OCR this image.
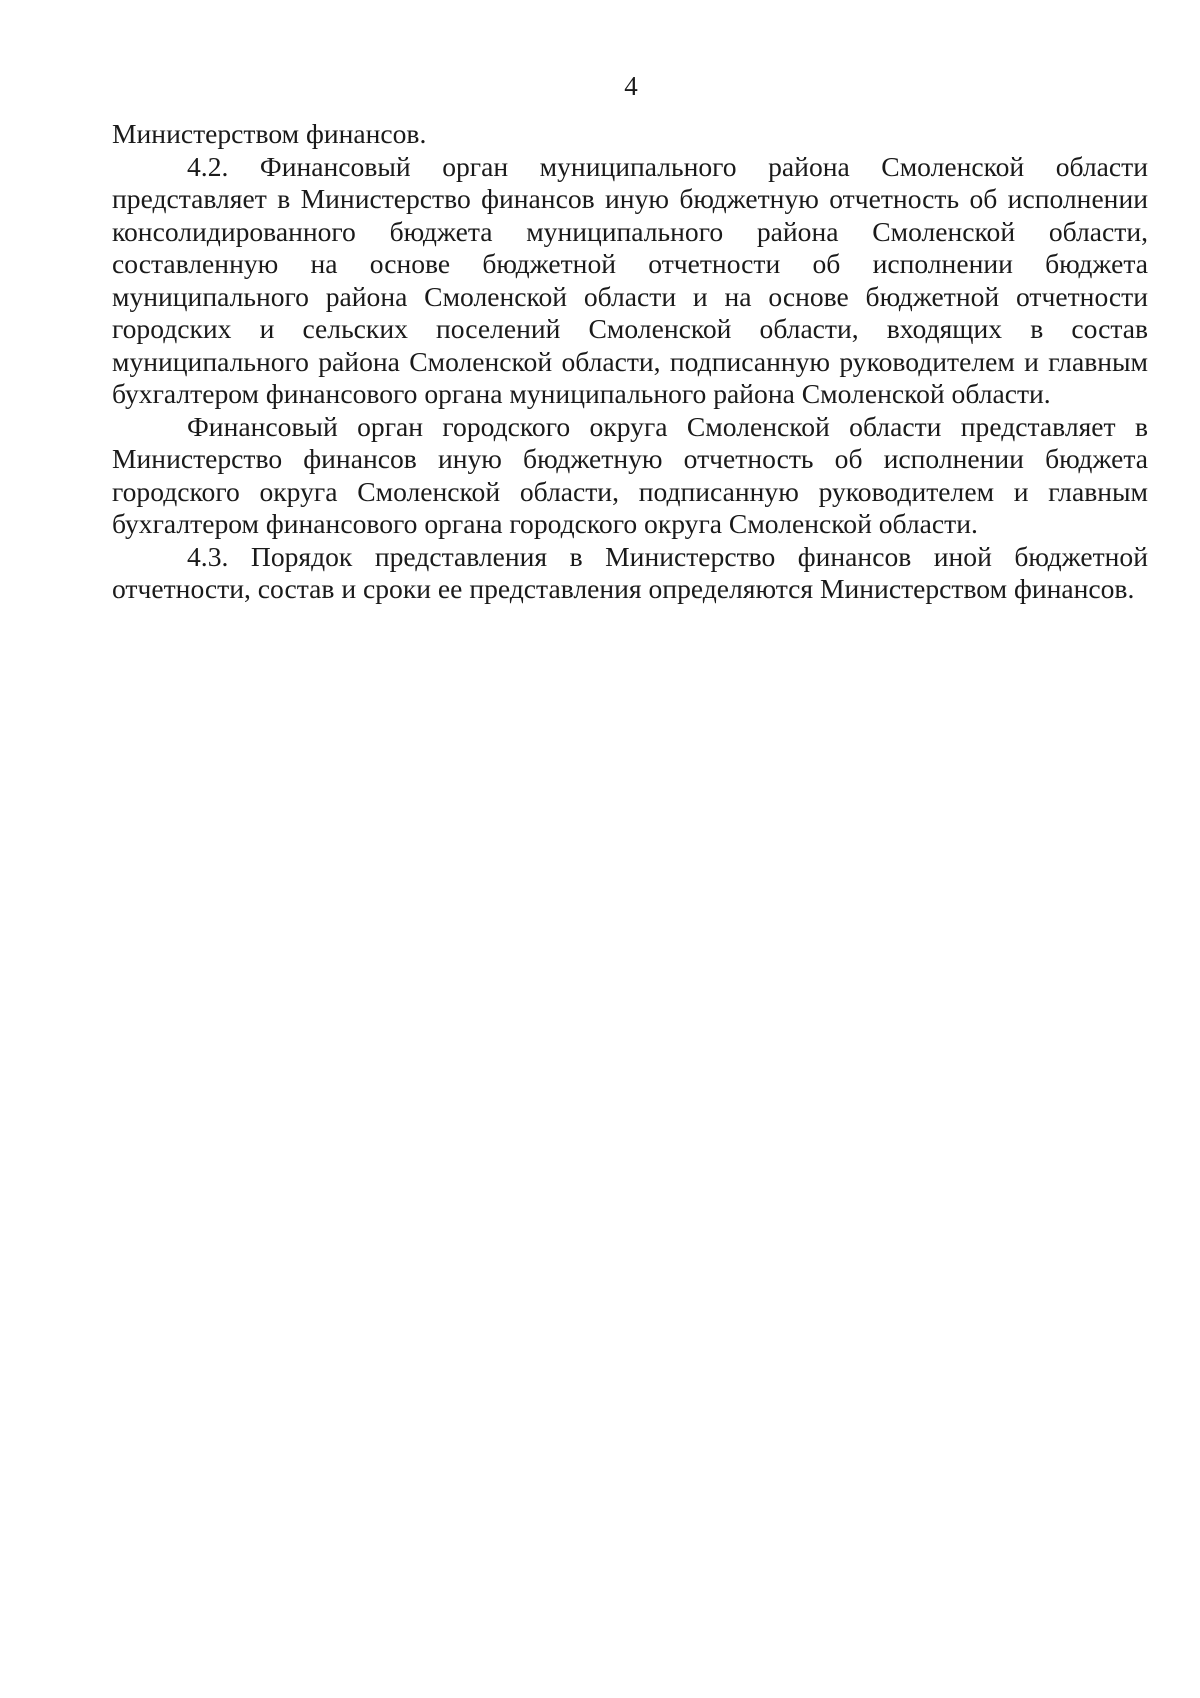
4

Министерством финансов.

4.2. Финансовый орган муниципального района Смоленской области представляет в Министерство финансов иную бюджетную отчетность об исполнении консолидированного бюджета муниципального района Смоленской области, составленную на основе бюджетной отчетности об исполнении бюджета муниципального района Смоленской области и на основе бюджетной отчетности городских и сельских поселений Смоленской области, входящих в состав муниципального района Смоленской области, подписанную руководителем и главным бухгалтером финансового органа муниципального района Смоленской области.

Финансовый орган городского округа Смоленской области представляет в Министерство финансов иную бюджетную отчетность об исполнении бюджета городского округа Смоленской области, подписанную руководителем и главным бухгалтером финансового органа городского округа Смоленской области.

4.3. Порядок представления в Министерство финансов иной бюджетной отчетности, состав и сроки ее представления определяются Министерством финансов.
